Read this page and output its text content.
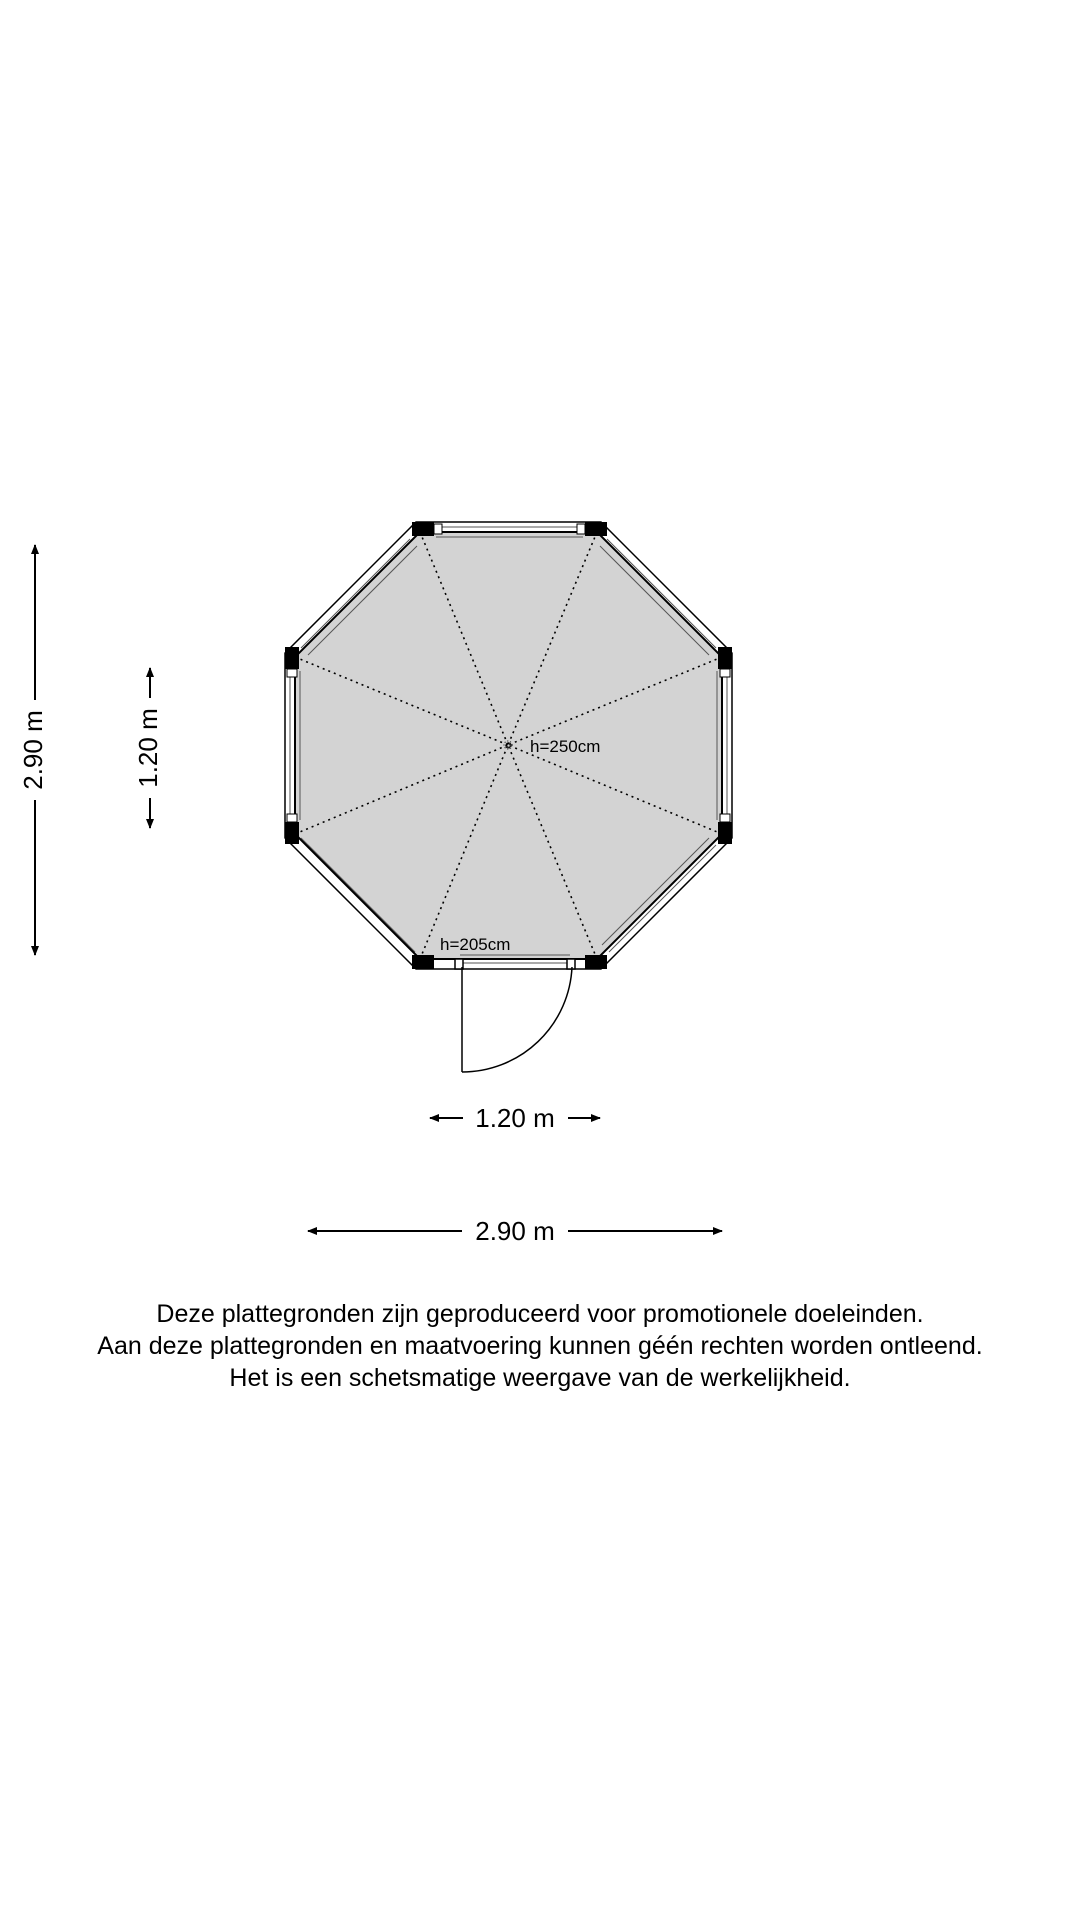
h=250cm
h=205cm
2.90 m	1.20 m
1.20 m
2.90 m
Deze plattegronden zijn geproduceerd voor promotionele doeleinden.
Aan deze plattegronden en maatvoering kunnen géén rechten worden ontleend.
Het is een schetsmatige weergave van de werkelijkheid.
